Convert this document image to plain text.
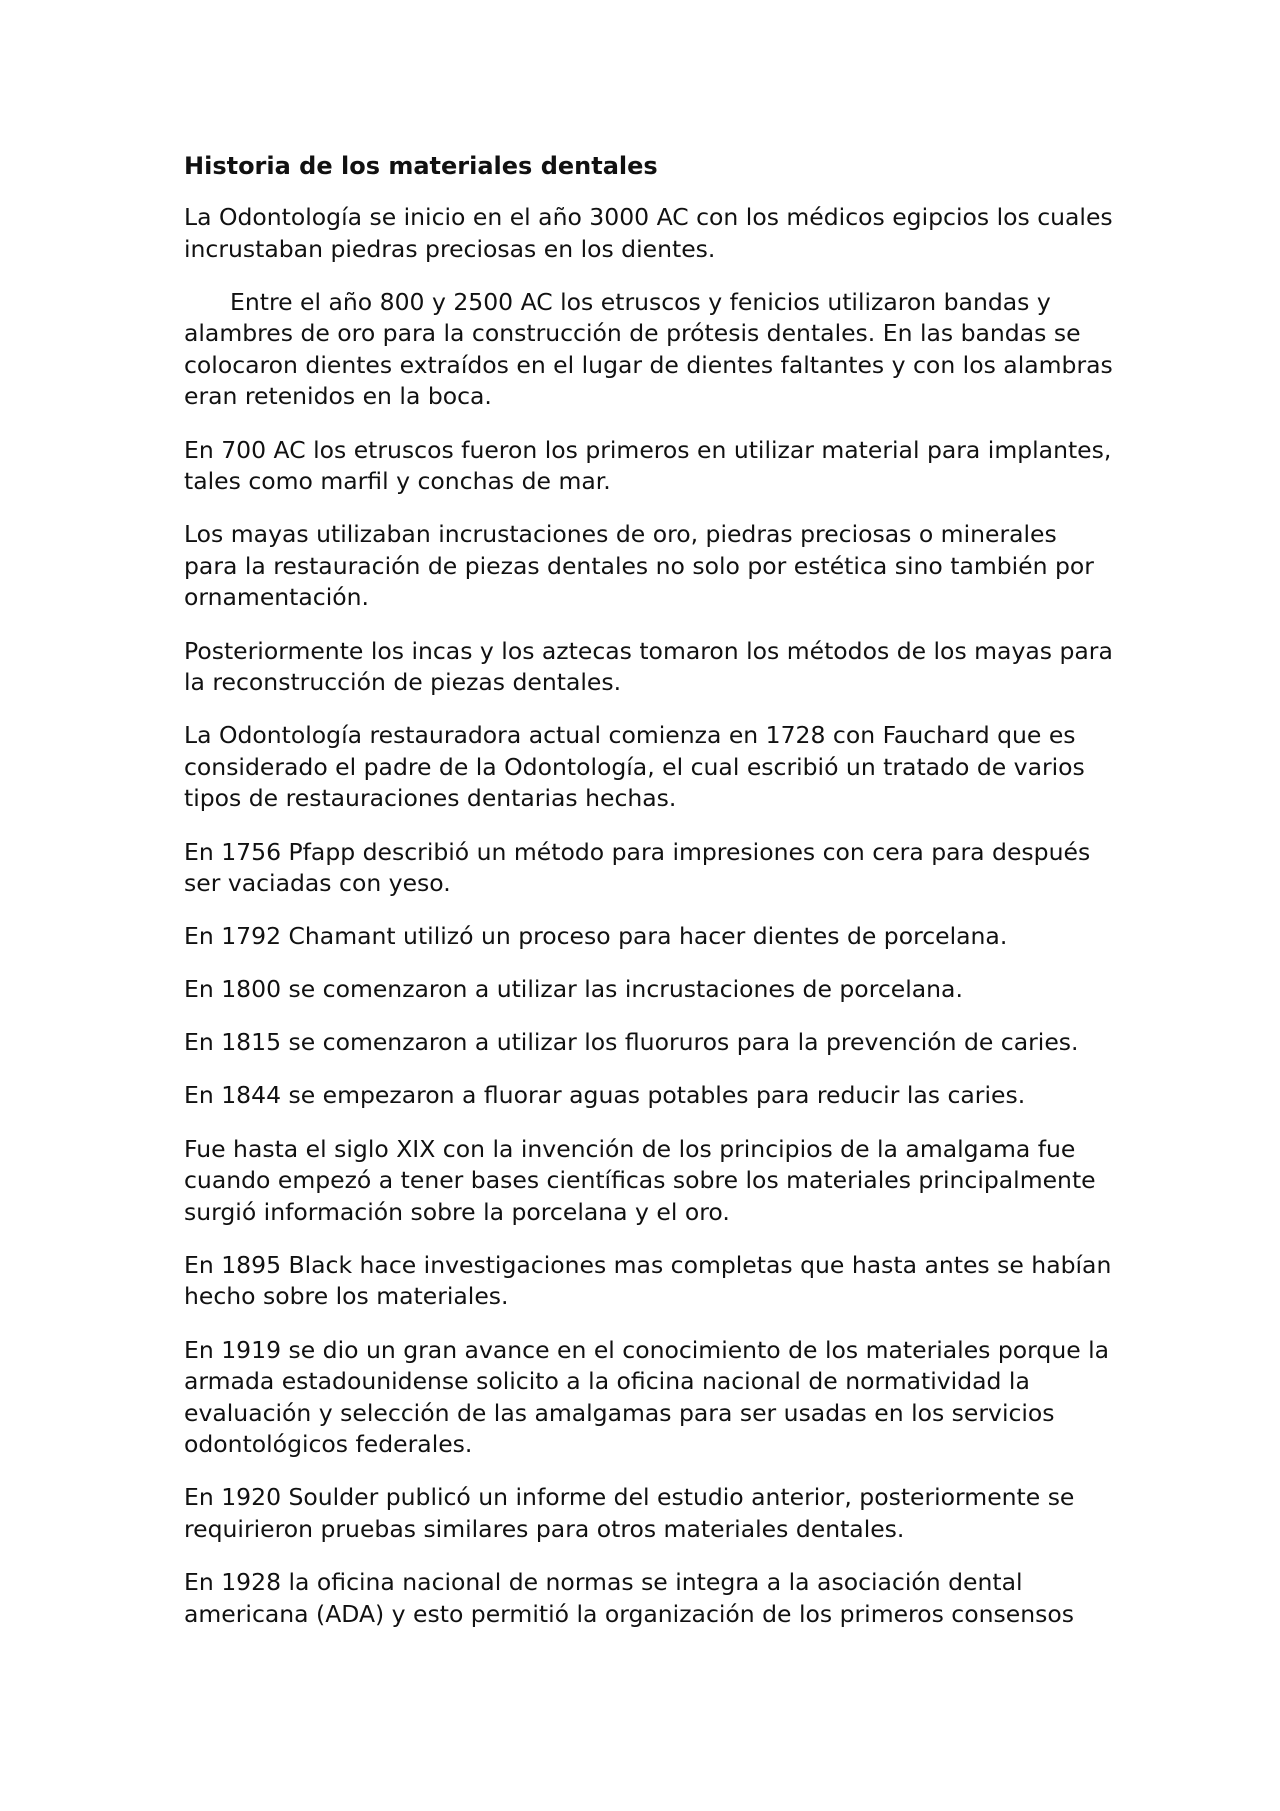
Historia de los materiales dentales

La Odontología se inicio en el año 3000 AC con los médicos egipcios los cuales incrustaban piedras preciosas en los dientes.

Entre el año 800 y 2500 AC los etruscos y fenicios utilizaron bandas y alambres de oro para la construcción de prótesis dentales. En las bandas se colocaron dientes extraídos en el lugar de dientes faltantes y con los alambras eran retenidos en la boca.

En 700 AC los etruscos fueron los primeros en utilizar material para implantes, tales como marfil y conchas de mar.

Los mayas utilizaban incrustaciones de oro, piedras preciosas o minerales para la restauración de piezas dentales no solo por estética sino también por ornamentación.

Posteriormente los incas y los aztecas tomaron los métodos de los mayas para la reconstrucción de piezas dentales.

La Odontología restauradora actual comienza en 1728 con Fauchard que es considerado el padre de la Odontología, el cual escribió un tratado de varios tipos de restauraciones dentarias hechas.

En 1756 Pfapp describió un método para impresiones con cera para después ser vaciadas con yeso.

En 1792 Chamant utilizó un proceso para hacer dientes de porcelana.

En 1800 se comenzaron a utilizar las incrustaciones de porcelana.

En 1815 se comenzaron a utilizar los fluoruros para la prevención de caries.

En 1844 se empezaron a fluorar aguas potables para reducir las caries.

Fue hasta el siglo XIX con la invención de los principios de la amalgama fue cuando empezó a tener bases científicas sobre los materiales principalmente surgió información sobre la porcelana y el oro.

En 1895 Black hace investigaciones mas completas que hasta antes se habían hecho sobre los materiales.

En 1919 se dio un gran avance en el conocimiento de los materiales porque la armada estadounidense solicito a la oficina nacional de normatividad la evaluación y selección de las amalgamas para ser usadas en los servicios odontológicos federales.

En 1920 Soulder publicó un informe del estudio anterior, posteriormente se requirieron pruebas similares para otros materiales dentales.

En 1928 la oficina nacional de normas se integra a la asociación dental americana (ADA) y esto permitió la organización de los primeros consensos
